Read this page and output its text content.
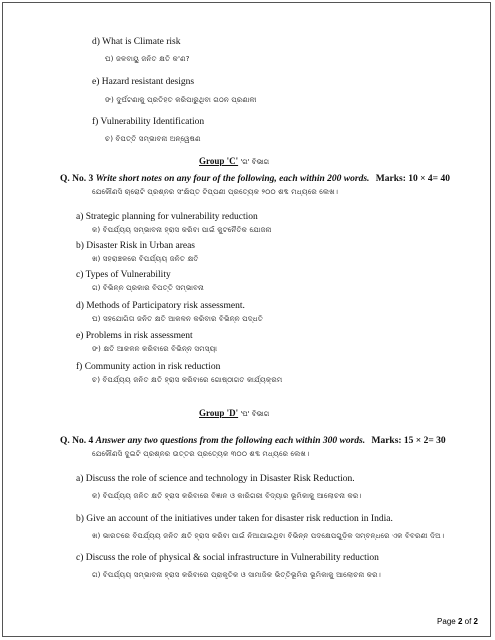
d) What is Climate risk
ଘ) ଜଳବାୟୁ ଜନିତ କ୍ଷତି କ'ଣ?
e) Hazard resistant designs
ଙ) ଦୁର୍ଘଟଣାକୁ ପ୍ରତିହତ କରିପାରୁଥିବା ଗଠନ ପ୍ରଣାଳୀ
f) Vulnerability Identification
ଚ) ବିପତ୍ତି ସମ୍ଭାବନା ଅନ୍ୱେଷଣ
Group 'C' 'ଗ' ବିଭାଗ
Q. No. 3 Write short notes on any four of the following, each within 200 words. Marks: 10 × 4= 40
ଯେକୌଣସି ଚାରୋଟି ପ୍ରଶ୍ନର ସଂକ୍ଷିପ୍ତ ଟିପ୍ପଣୀ ପ୍ରତ୍ୟେକ ୨୦୦ ଶବ୍ଦ ମଧ୍ୟରେ ଲେଖ।
a) Strategic planning for vulnerability reduction
କ) ବିପର୍ଯ୍ୟୟ ସମ୍ଭାବନା ହ୍ରାସ କରିବା ପାଇଁ କୁଟନୈତିକ ଯୋଜନା
b) Disaster Risk in Urban areas
ଖ) ସହରାଞ୍ଚଳରେ ବିପର୍ଯ୍ୟୟ ଜନିତ କ୍ଷତି
c) Types of Vulnerability
ଗ) ବିଭିନ୍ନ ପ୍ରକାର ବିପତ୍ତି ସମ୍ଭାବନା
d) Methods of Participatory risk assessment.
ଘ) ସହଯୋଗିତା ଜନିତ କ୍ଷତି ଆକଳନ କରିବାର ବିଭିନ୍ନ ପଦ୍ଧତି
e) Problems in risk assessment
ଙ) କ୍ଷତି ଆକଳନ କରିବାରେ ବିଭିନ୍ନ ସମସ୍ୟା
f) Community action in risk reduction
ଚ) ବିପର୍ଯ୍ୟୟ ଜନିତ କ୍ଷତି ହ୍ରାସ କରିବାରେ ଗୋଷ୍ଠୀଗତ କାର୍ଯ୍ୟକ୍ରମ
Group 'D' 'ଘ' ବିଭାଗ
Q. No. 4 Answer any two questions from the following each within 300 words. Marks: 15 × 2= 30
ଯେକୌଣସି ଦୁଇଟି ପ୍ରଶ୍ନର ଉତ୍ତର ପ୍ରତ୍ୟେକ ୩୦୦ ଶବ୍ଦ ମଧ୍ୟରେ ଲେଖ।
a) Discuss the role of science and technology in Disaster Risk Reduction.
କ) ବିପର୍ଯ୍ୟୟ ଜନିତ କ୍ଷତି ହ୍ରାସ କରିବାରେ ବିଜ୍ଞାନ ଓ କାରିଗରୀ ବିଦ୍ୟାର ଭୂମିକାକୁ ଆଲୋଚନା କର।
b) Give an account of the initiatives under taken for disaster risk reduction in India.
ଖ) ଭାରତରେ ବିପର୍ଯ୍ୟୟ ଜନିତ କ୍ଷତି ହ୍ରାସ କରିବା ପାଇଁ ନିଆଯାଇଥିବା ବିଭିନ୍ନ ପଦକ୍ଷେପଗୁଡ଼ିକ ସମ୍ବନ୍ଧରେ ଏକ ବିବରଣୀ ଦିଅ।
c) Discuss the role of physical & social infrastructure in Vulnerability reduction
ଗ) ବିପର୍ଯ୍ୟୟ ସମ୍ଭାବନା ହ୍ରାସ କରିବାରେ ପ୍ରାକୃତିକ ଓ ସାମାଜିକ ଭିତ୍ତିଭୂମିର ଭୂମିକାକୁ ଆଲୋଚନା କର।
Page 2 of 2
